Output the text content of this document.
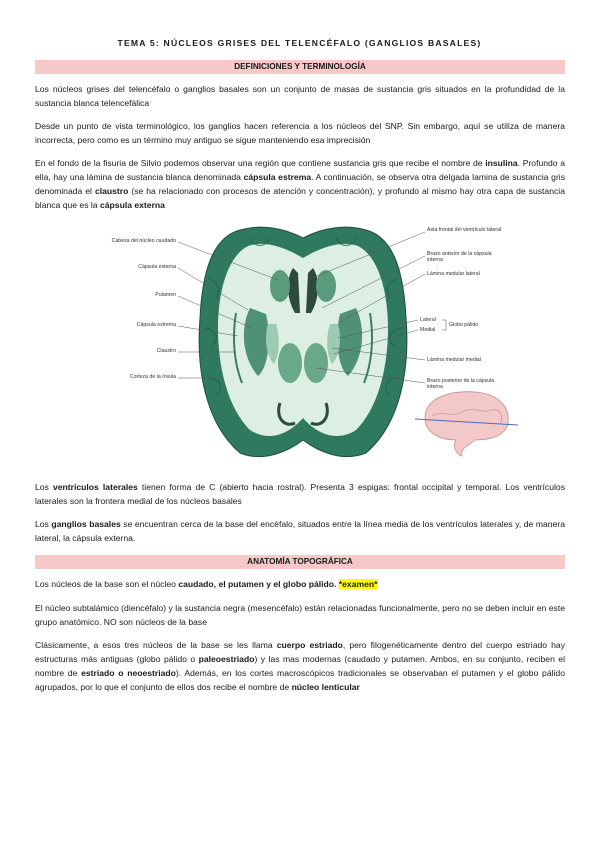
TEMA 5: NÚCLEOS GRISES DEL TELENCÉFALO (GANGLIOS BASALES)
DEFINICIONES Y TERMINOLOGÍA
Los núcleos grises del telencéfalo o ganglios basales son un conjunto de masas de sustancia gris situados en la profundidad de la sustancia blanca telencefálica
Desde un punto de vista terminológico, los ganglios hacen referencia a los núcleos del SNP. Sin embargo, aquí se utiliza de manera incorrecta, pero como es un término muy antiguo se sigue manteniendo esa imprecisión
En el fondo de la fisuria de Silvio podemos observar una región que contiene sustancia gris que recibe el nombre de insulina. Profundo a ella, hay una lámina de sustancia blanca denominada cápsula estrema. A continuación, se observa otra delgada lamina de sustancia gris denominada el claustro (se ha relacionado con procesos de atención y concentración), y profundo al mismo hay otra capa de sustancia blanca que es la cápsula externa
Cabeza del núcleo caudado
Cápsula externa
Putamen
Cápsula extrema
Claustro
Corteza de la ínsula
Asta frontal del ventrículo lateral
Brazo anterior de la cápsula interna
Lámina medular lateral
Lateral
Medial
Globo pálido
Lámina medular medial
Brazo posterior de la cápsula interna
Los ventrículos laterales tienen forma de C (abierto hacia rostral). Presenta 3 espigas: frontal occipital y temporal. Los ventrículos laterales son la frontera medial de los núcleos basales
Los ganglios basales se encuentran cerca de la base del encéfalo, situados entre la línea media de los ventrículos laterales y, de manera lateral, la cápsula externa.
ANATOMÍA TOPOGRÁFICA
Los núcleos de la base son el núcleo caudado, el putamen y el globo pálido. *examen*
El núcleo subtalámico (diencéfalo) y la sustancia negra (mesencéfalo) están relacionadas funcionalmente, pero no se deben incluir en este grupo anatómico. NO son núcleos de la base
Clásicamente, a esos tres núcleos de la base se les llama cuerpo estriado, pero filogenéticamente dentro del cuerpo estriado hay estructuras más antiguas (globo pálido o paleoestriado) y las mas modernas (caudado y putamen. Ambos, en su conjunto, reciben el nombre de estriado o neoestriado). Además, en los cortes macroscópicos tradicionales se observaban el putamen y el globo pálido agrupados, por lo que el conjunto de ellos dos recibe el nombre de núcleo lenticular
